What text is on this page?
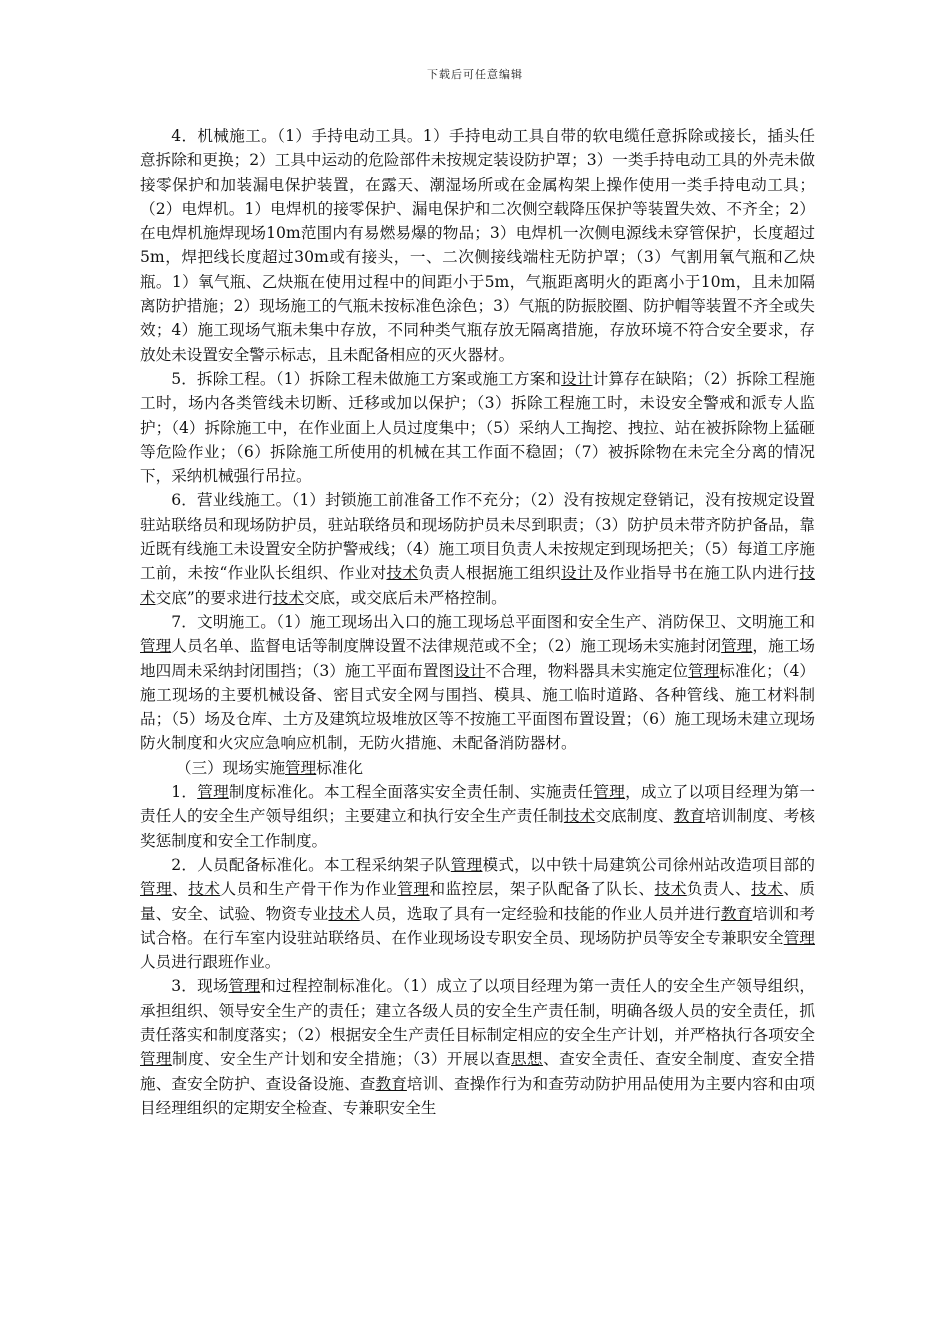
下载后可任意编辑

4．机械施工。（1）手持电动工具。1）手持电动工具自带的软电缆任意拆除或接长，插头任意拆除和更换；2）工具中运动的危险部件未按规定装设防护罩；3）一类手持电动工具的外壳未做接零保护和加装漏电保护装置，在露天、潮湿场所或在金属构架上操作使用一类手持电动工具；（2）电焊机。1）电焊机的接零保护、漏电保护和二次侧空载降压保护等装置失效、不齐全；2）在电焊机施焊现场10m范围内有易燃易爆的物品；3）电焊机一次侧电源线未穿管保护，长度超过5m，焊把线长度超过30m或有接头，一、二次侧接线端柱无防护罩；（3）气割用氧气瓶和乙炔瓶。1）氧气瓶、乙炔瓶在使用过程中的间距小于5m，气瓶距离明火的距离小于10m，且未加隔离防护措施；2）现场施工的气瓶未按标准色涂色；3）气瓶的防振胶圈、防护帽等装置不齐全或失效；4）施工现场气瓶未集中存放，不同种类气瓶存放无隔离措施，存放环境不符合安全要求，存放处未设置安全警示标志，且未配备相应的灭火器材。

5．拆除工程。（1）拆除工程未做施工方案或施工方案和设计计算存在缺陷；（2）拆除工程施工时，场内各类管线未切断、迁移或加以保护；（3）拆除工程施工时，未设安全警戒和派专人监护；（4）拆除施工中，在作业面上人员过度集中；（5）采纳人工掏挖、拽拉、站在被拆除物上猛砸等危险作业；（6）拆除施工所使用的机械在其工作面不稳固；（7）被拆除物在未完全分离的情况下，采纳机械强行吊拉。

6．营业线施工。（1）封锁施工前准备工作不充分；（2）没有按规定登销记，没有按规定设置驻站联络员和现场防护员，驻站联络员和现场防护员未尽到职责；（3）防护员未带齐防护备品，靠近既有线施工未设置安全防护警戒线；（4）施工项目负责人未按规定到现场把关；（5）每道工序施工前，未按“作业队长组织、作业对技术负责人根据施工组织设计及作业指导书在施工队内进行技术交底”的要求进行技术交底，或交底后未严格控制。

7．文明施工。（1）施工现场出入口的施工现场总平面图和安全生产、消防保卫、文明施工和管理人员名单、监督电话等制度牌设置不法律规范或不全；（2）施工现场未实施封闭管理，施工场地四周未采纳封闭围挡；（3）施工平面布置图设计不合理，物料器具未实施定位管理标准化；（4）施工现场的主要机械设备、密目式安全网与围挡、模具、施工临时道路、各种管线、施工材料制品；（5）场及仓库、土方及建筑垃圾堆放区等不按施工平面图布置设置；（6）施工现场未建立现场防火制度和火灾应急响应机制，无防火措施、未配备消防器材。

（三）现场实施管理标准化

1．管理制度标准化。本工程全面落实安全责任制、实施责任管理，成立了以项目经理为第一责任人的安全生产领导组织；主要建立和执行安全生产责任制技术交底制度、教育培训制度、考核奖惩制度和安全工作制度。

2．人员配备标准化。本工程采纳架子队管理模式，以中铁十局建筑公司徐州站改造项目部的管理、技术人员和生产骨干作为作业管理和监控层，架子队配备了队长、技术负责人、技术、质量、安全、试验、物资专业技术人员，选取了具有一定经验和技能的作业人员并进行教育培训和考试合格。在行车室内设驻站联络员、在作业现场设专职安全员、现场防护员等安全专兼职安全管理人员进行跟班作业。

3．现场管理和过程控制标准化。（1）成立了以项目经理为第一责任人的安全生产领导组织，承担组织、领导安全生产的责任；建立各级人员的安全生产责任制，明确各级人员的安全责任，抓责任落实和制度落实；（2）根据安全生产责任目标制定相应的安全生产计划，并严格执行各项安全管理制度、安全生产计划和安全措施；（3）开展以查思想、查安全责任、查安全制度、查安全措施、查安全防护、查设备设施、查教育培训、查操作行为和查劳动防护用品使用为主要内容和由项目经理组织的定期安全检查、专兼职安全生
